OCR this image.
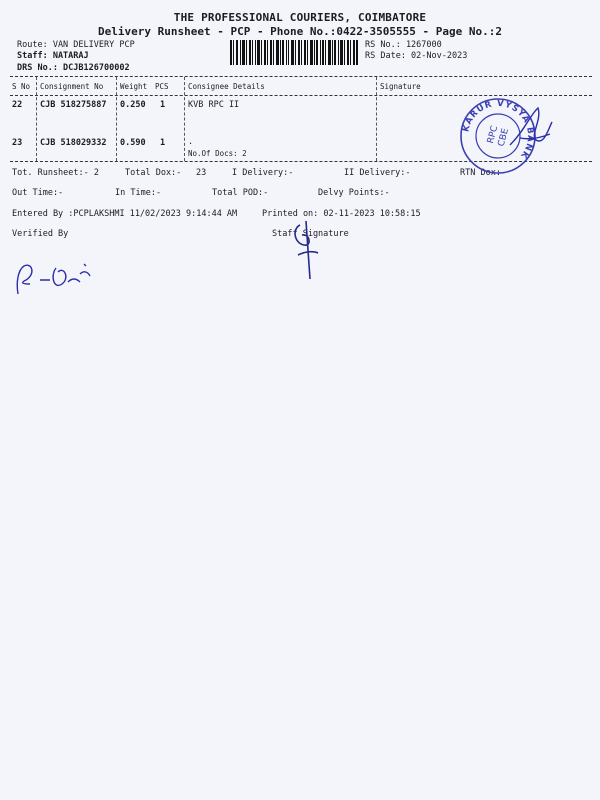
THE PROFESSIONAL COURIERS, COIMBATORE
Delivery Runsheet - PCP - Phone No.:0422-3505555 - Page No.:2
Route: VAN DELIVERY PCP
Staff: NATARAJ
DRS No.: DCJB126700002
RS No.: 1267000
RS Date: 02-Nov-2023
S No Consignment No Weight PCS	Consignee Details	Signature
22 CJB 518275887 0.250 1	KVB RPC II
23 CJB 518029332 0.590 1	.
No.Of Docs: 2
Tot. Runsheet:- 2	Total Dox:- 23	I Delivery:-	II Delivery:-	RTN Dox:-
Out Time:-	In Time:-	Total POD:-	Delvy Points:-
Entered By :PCPLAKSHMI 11/02/2023 9:14:44 AM	Printed on: 02-11-2023 10:58:15
Verified By	Staff Signature
KARUR VYSYA BANK
RPC
CBE
